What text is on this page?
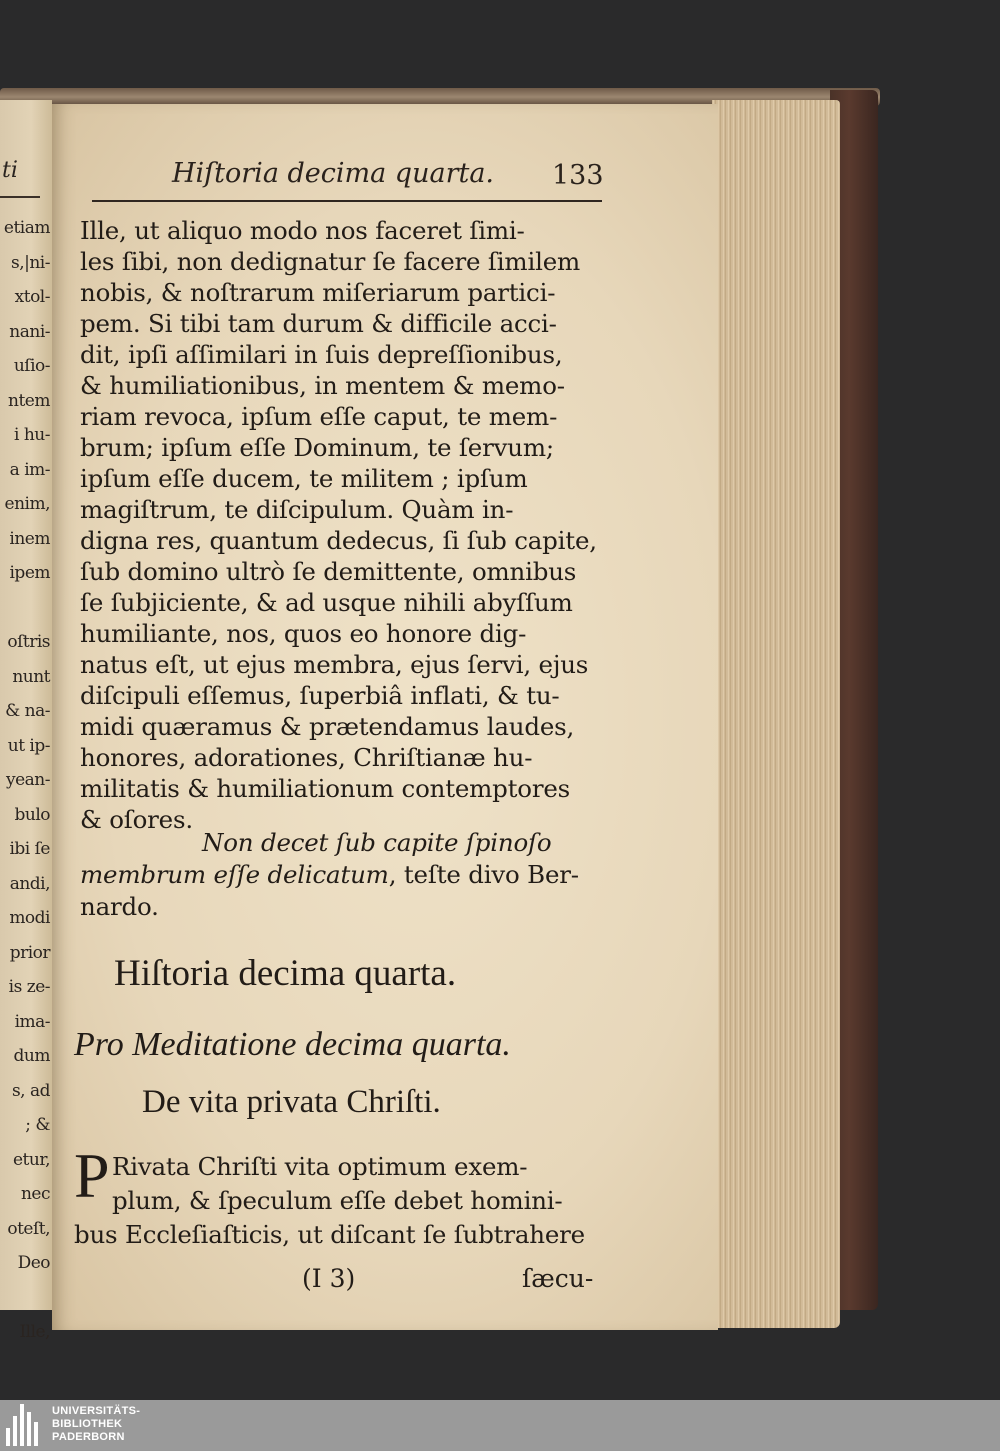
ti
etiam
s,|ni-
xtol-
nani-
uſio-
ntem
i hu-
a im-
enim,
inem
ipem
oſtris
nunt
& na-
ut ip-
yean-
bulo
ibi ſe
andi,
modi
prior
is ze-
ima-
dum
s, ad
; &
etur,
nec
oteſt,
Deo
Ille,
Hiſtoria decima quarta. 133
Ille, ut aliquo modo nos faceret ſimi-
les ſibi, non dedignatur ſe facere ſimilem
nobis, & noſtrarum miſeriarum partici-
pem. Si tibi tam durum & difficile acci-
dit, ipſi aſſimilari in ſuis depreſſionibus,
& humiliationibus, in mentem & memo-
riam revoca, ipſum eſſe caput, te mem-
brum; ipſum eſſe Dominum, te ſervum;
ipſum eſſe ducem, te militem ; ipſum
magiſtrum, te diſcipulum. Quàm in-
digna res, quantum dedecus, ſi ſub capite,
ſub domino ultrò ſe demittente, omnibus
ſe ſubjiciente, & ad usque nihili abyſſum
humiliante, nos, quos eo honore dig-
natus eſt, ut ejus membra, ejus ſervi, ejus
diſcipuli eſſemus, ſuperbiâ inflati, & tu-
midi quæramus & prætendamus laudes,
honores, adorationes, Chriſtianæ hu-
militatis & humiliationum contemptores
& oſores.
Non decet ſub capite ſpinoſo
membrum eſſe delicatum, teſte divo Ber-
nardo.
Hiſtoria decima quarta.
Pro Meditatione decima quarta.
De vita privata Chriſti.
P Rivata Chriſti vita optimum exem-
plum, & ſpeculum eſſe debet homini-
bus Eccleſiaſticis, ut diſcant ſe ſubtrahere
(I 3)	ſæcu-
UNIVERSITÄTS-
BIBLIOTHEK
PADERBORN
